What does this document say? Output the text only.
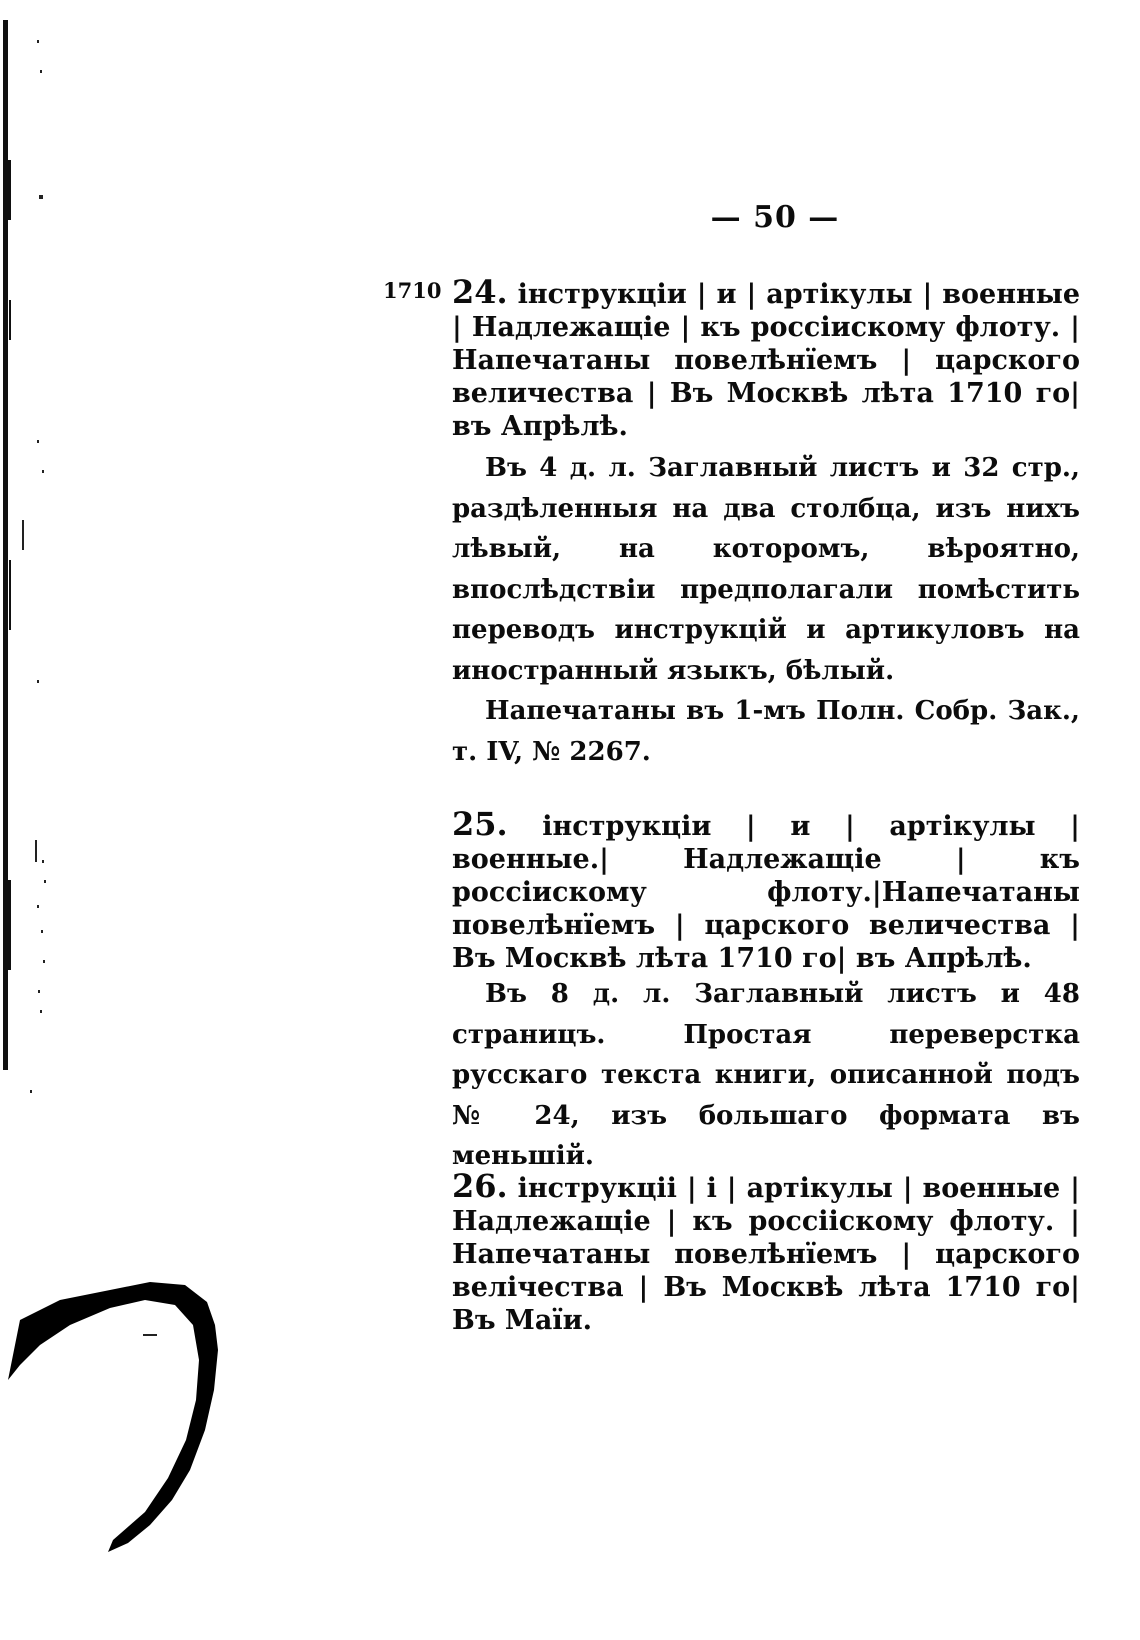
— 50 —
1710 24. інструкціи | и | артікулы | военные | Надлежащіе | къ россіискому флоту. | Напечатаны повелѣнїемъ | царского величества | Въ Москвѣ лѣта 1710 го| въ Апрѣлѣ.

Въ 4 д. л. Заглавный листъ и 32 стр., раздѣленныя на два столбца, изъ нихъ лѣвый, на которомъ, вѣроятно, впослѣдствіи предполагали помѣстить переводъ инструкцій и артикуловъ на иностранный языкъ, бѣлый.

Напечатаны въ 1-мъ Полн. Собр. Зак., т. IV, № 2267.

25. інструкціи | и | артікулы | военные.| Надлежащіе | къ россіискому флоту.|Напечатаны повелѣнїемъ | царского величества | Въ Москвѣ лѣта 1710 го| въ Апрѣлѣ.

Въ 8 д. л. Заглавный листъ и 48 страницъ. Простая переверстка русскаго текста книги, описанной подъ № 24, изъ большаго формата въ меньшій.

26. інструкціі | і | артікулы | военные | Надлежащіе | къ россііскому флоту. | Напечатаны повелѣнїемъ | царского велічества | Въ Москвѣ лѣта 1710 го| Въ Маїи.
